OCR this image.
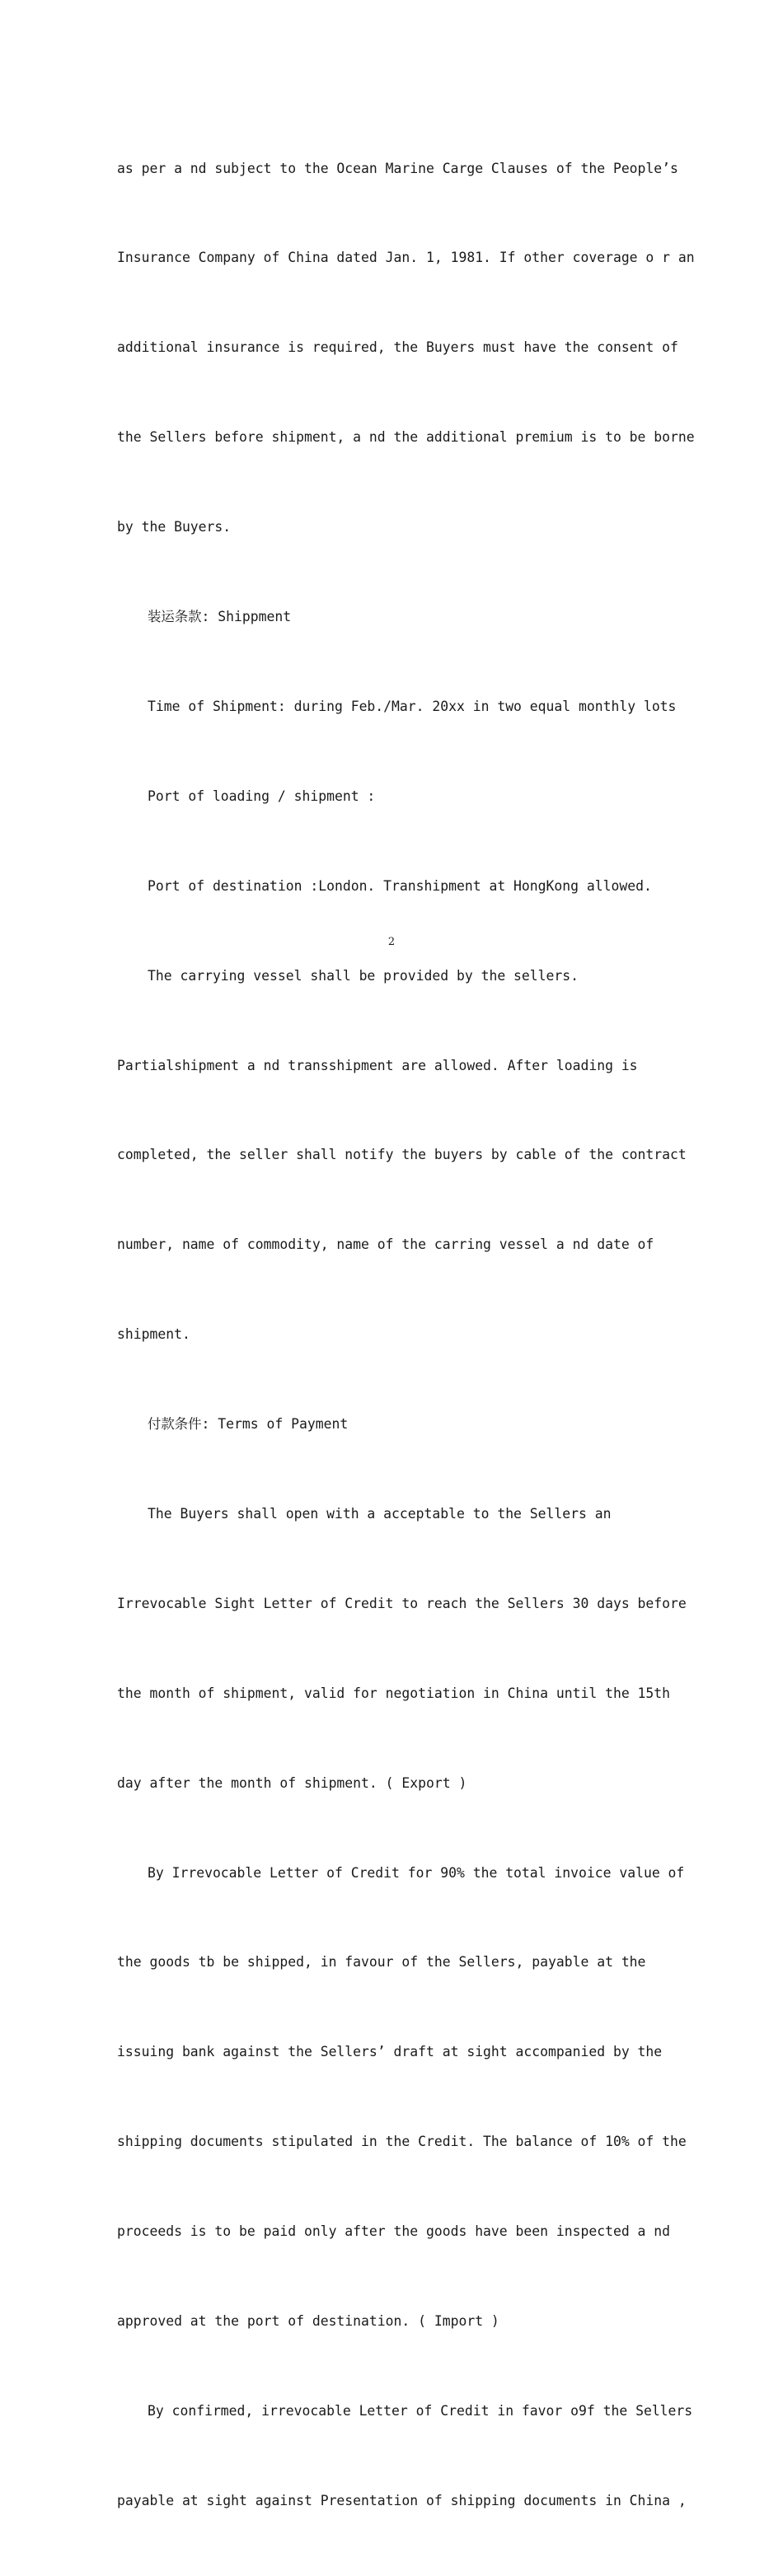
as per a nd subject to the Ocean Marine Carge Clauses of the People’s

Insurance Company of China dated Jan. 1, 1981. If other coverage o r an

additional insurance is required, the Buyers must have the consent of

the Sellers before shipment, a nd the additional premium is to be borne

by the Buyers.

装运条款: Shippment

Time of Shipment: during Feb./Mar. 20xx in two equal monthly lots

Port of loading / shipment :

Port of destination :London. Transhipment at HongKong allowed.

The carrying vessel shall be provided by the sellers.

Partialshipment a nd transshipment are allowed. After loading is

completed, the seller shall notify the buyers by cable of the contract

number, name of commodity, name of the carring vessel a nd date of

shipment.

付款条件: Terms of Payment

The Buyers shall open with a acceptable to the Sellers an

Irrevocable Sight Letter of Credit to reach the Sellers 30 days before

the month of shipment, valid for negotiation in China until the 15th

day after the month of shipment. ( Export )

By Irrevocable Letter of Credit for 90% the total invoice value of

the goods tb be shipped, in favour of the Sellers, payable at the

issuing bank against the Sellers’ draft at sight accompanied by the

shipping documents stipulated in the Credit. The balance of 10% of the

proceeds is to be paid only after the goods have been inspected a nd

approved at the port of destination. ( Import )

By confirmed, irrevocable Letter of Credit in favor o9f the Sellers

payable at sight against Presentation of shipping documents in China ,

2
